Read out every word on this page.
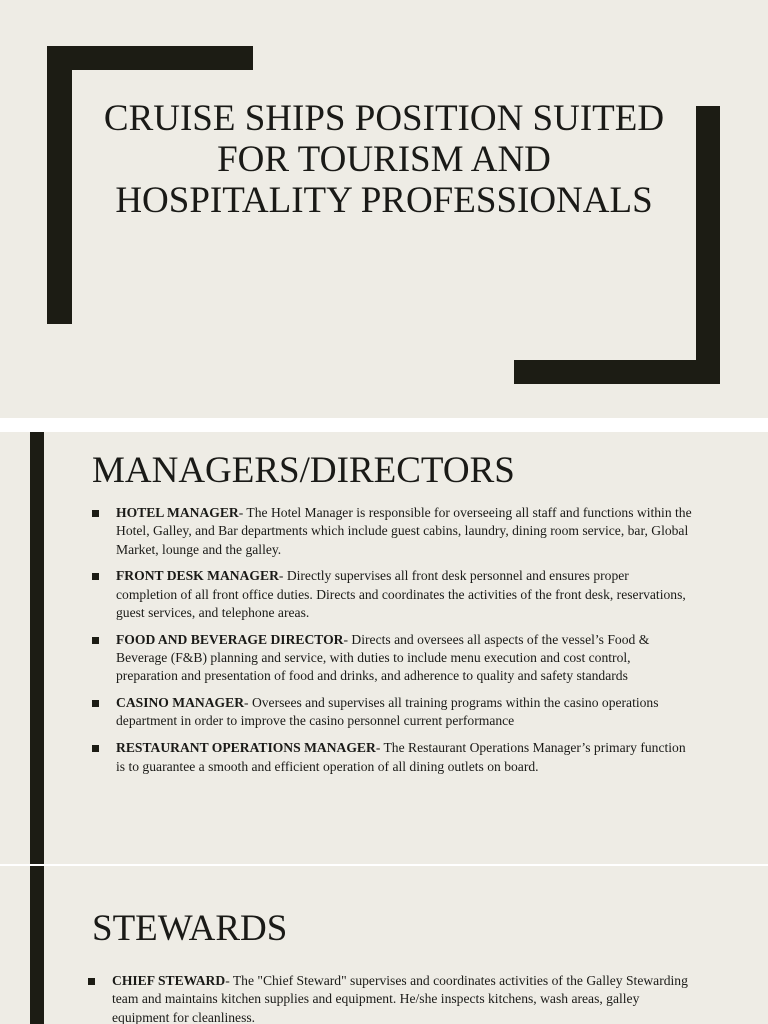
CRUISE SHIPS POSITION SUITED FOR TOURISM AND HOSPITALITY PROFESSIONALS
MANAGERS/DIRECTORS
HOTEL MANAGER- The Hotel Manager is responsible for overseeing all staff and functions within the Hotel, Galley, and Bar departments which include guest cabins, laundry, dining room service, bar, Global Market, lounge and the galley.
FRONT DESK MANAGER- Directly supervises all front desk personnel and ensures proper completion of all front office duties. Directs and coordinates the activities of the front desk, reservations, guest services, and telephone areas.
FOOD AND BEVERAGE DIRECTOR- Directs and oversees all aspects of the vessel’s Food & Beverage (F&B) planning and service, with duties to include menu execution and cost control, preparation and presentation of food and drinks, and adherence to quality and safety standards
CASINO MANAGER- Oversees and supervises all training programs within the casino operations department in order to improve the casino personnel current performance
RESTAURANT OPERATIONS MANAGER- The Restaurant Operations Manager’s primary function is to guarantee a smooth and efficient operation of all dining outlets on board.
STEWARDS
CHIEF STEWARD- The "Chief Steward" supervises and coordinates activities of the Galley Stewarding team and maintains kitchen supplies and equipment. He/she inspects kitchens, wash areas, galley equipment for cleanliness.
